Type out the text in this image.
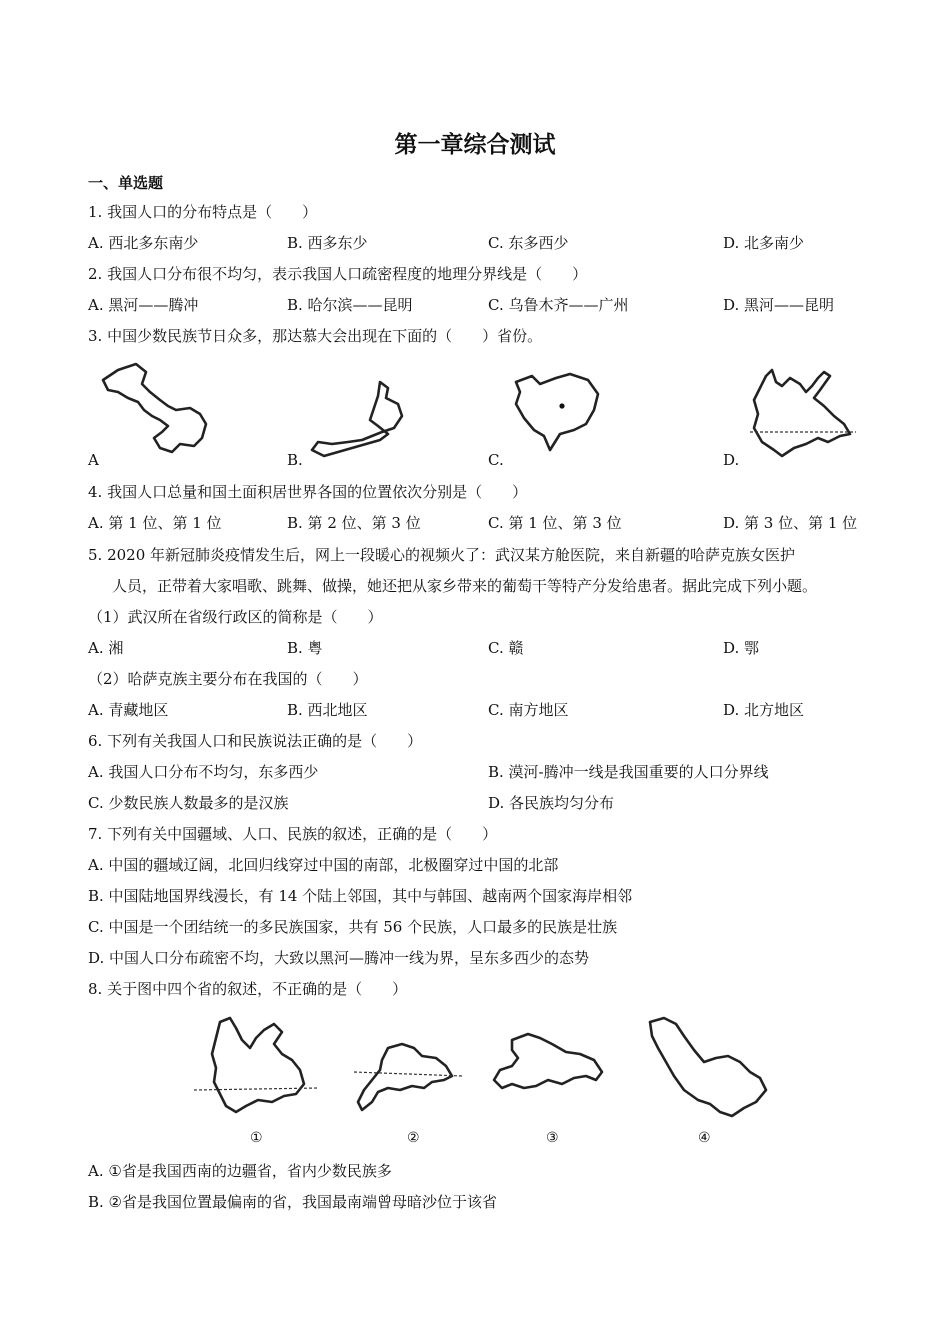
第一章综合测试
一、单选题
1. 我国人口的分布特点是（　　）
A. 西北多东南少	B. 西多东少	C. 东多西少	D. 北多南少
2. 我国人口分布很不均匀，表示我国人口疏密程度的地理分界线是（　　）
A. 黑河——腾冲	B. 哈尔滨——昆明	C. 乌鲁木齐——广州	D. 黑河——昆明
3. 中国少数民族节日众多，那达慕大会出现在下面的（　　）省份。
A	B.	C.	D.
4. 我国人口总量和国土面积居世界各国的位置依次分别是（　　）
A. 第 1 位、第 1 位	B. 第 2 位、第 3 位	C. 第 1 位、第 3 位	D. 第 3 位、第 1 位
5. 2020 年新冠肺炎疫情发生后，网上一段暖心的视频火了：武汉某方舱医院，来自新疆的哈萨克族女医护
人员，正带着大家唱歌、跳舞、做操，她还把从家乡带来的葡萄干等特产分发给患者。据此完成下列小题。
（1）武汉所在省级行政区的简称是（　　）
A. 湘	B. 粤	C. 赣	D. 鄂
（2）哈萨克族主要分布在我国的（　　）
A. 青藏地区	B. 西北地区	C. 南方地区	D. 北方地区
6. 下列有关我国人口和民族说法正确的是（　　）
A. 我国人口分布不均匀，东多西少	B. 漠河-腾冲一线是我国重要的人口分界线
C. 少数民族人数最多的是汉族	D. 各民族均匀分布
7. 下列有关中国疆域、人口、民族的叙述，正确的是（　　）
A. 中国的疆域辽阔，北回归线穿过中国的南部，北极圈穿过中国的北部
B. 中国陆地国界线漫长，有 14 个陆上邻国，其中与韩国、越南两个国家海岸相邻
C. 中国是一个团结统一的多民族国家，共有 56 个民族，人口最多的民族是壮族
D. 中国人口分布疏密不均，大致以黑河—腾冲一线为界，呈东多西少的态势
8. 关于图中四个省的叙述，不正确的是（　　）
①	②	③	④
A. ①省是我国西南的边疆省，省内少数民族多
B. ②省是我国位置最偏南的省，我国最南端曾母暗沙位于该省
